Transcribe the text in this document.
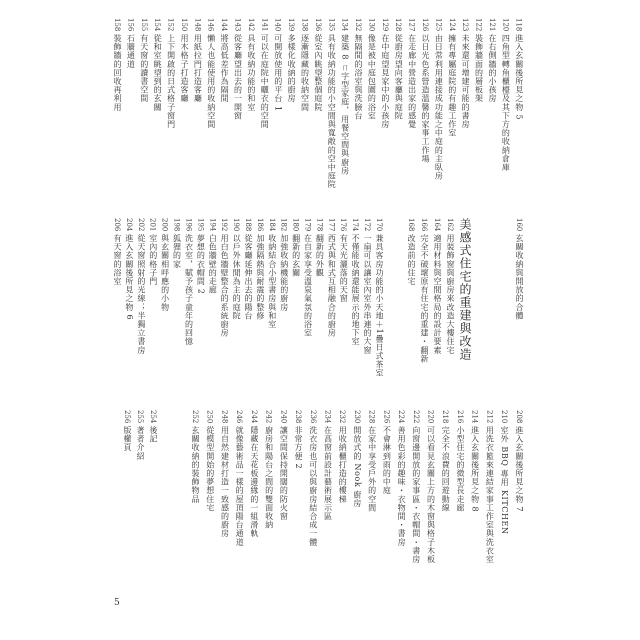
118進入玄關後所見之物 5
120四角型轉角櫃檯及其下方的收納倉庫
121在右側牆的小孩房
122裝飾牆面的層板架
123未來還可增建可能的書房
124擁有專屬庭院的有趣工作室
125由日常利用連接成功能之中庭的主臥房
126以日光色系營造溫馨的家事工作場
127在走廊中營造出家的感覺
128從廚房望向客廳與庭院
129在中庭望見家中的小孩房
130像是被中庭包圍的浴室
132無隔間的浴室與洗臉台
134建築 8 ㄇ字型家庭，用餐空間與廚房
135具有收納功能的小空間與寬敞的空中庭院
136從室內眺望整個庭院
138逐漸隱藏的收納空間
139多樣化收納的廚房
140可開放使用的平台 1
141可以在庭院中曬衣的空間
142具有收納功能的和室
143從客廳望出去的一開窗
144將高低差作為隔間
146懶人也能使用的收納空間
148用紙拉門打造客廳
150用木格子打造客廳
152上下開啟的日式格子窗門
154從和室眺望到的玄關
155有天窗的讀書空間
156石牆通道
158裝飾牆的回收再利用
160玄關收納與開放的合體
美感式住宅的重建與改造
162用裝飾窗與廚房來改造大樓住宅
164適用材料與空間格局的設計要素
166完全不破壞原有住宅的重建・翻新
168改造前的住宅
170兼具客房功能的小天地＋1疊日式茶室
172一扇可以讓室內室外串連的大窗
174不僅能收納還能展示的地下室
176有天光灑落的天窗
177西式與和式互相融合的廚房
178翻新的外觀
179在自家享受溫泉氣氛的浴室
180翻新的玄關
182加強收納機能的廚房
184收納結合小型書房與和室
186加強隔熱與耐震的整修
188從客廳延伸出去的陽台
190以戶外休閒為主的庭院
192用白色牆壁整合的系統廚房
194白色牆壁的走廊
195夢想的衣帽間 2
196洗衣室，賦予孩子童年的回憶
198狐狸的家
200與玄關相呼應的小物
201室內的格子門
202從天窗照射的光線；半獨立書房
204進入玄關後所見之物 6
206有天窗的浴室
208進入玄關後所見之物 7
210室外 BBQ 專用 KITCHEN
212用洗衣籃來連結家事工作室與洗衣室
214進入玄關後所見之物 8
216小型住宅的微型長走廊
218完全不浪費的回遊動線
220可以看見玄關上方的木窗與格子木板
222向窗邊開放的家事區・衣帽間・書房
224善用色彩的趣味・衣物間・書房
226不會淋到雨的中庭
228在家中享受戶外的空間
230開放式的 Nook 廚房
232用收納櫃打造的樓梯
234在高窗前設計藝術展示區
236洗衣房也可以與廚房結合成一體
238非常方便 2
240讓空間保持開闊的防火窗
242廚房和陽台之間的雙面收納
244隱藏在天花板邊緣的一組滑軌
246就像藝術品一樣的屋頂陽台通道
248用自然建材打造一致感的廚房
250從模型開始的夢想住宅
252玄關收納的裝飾物品
254後記
255著者介紹
256版權頁
5
